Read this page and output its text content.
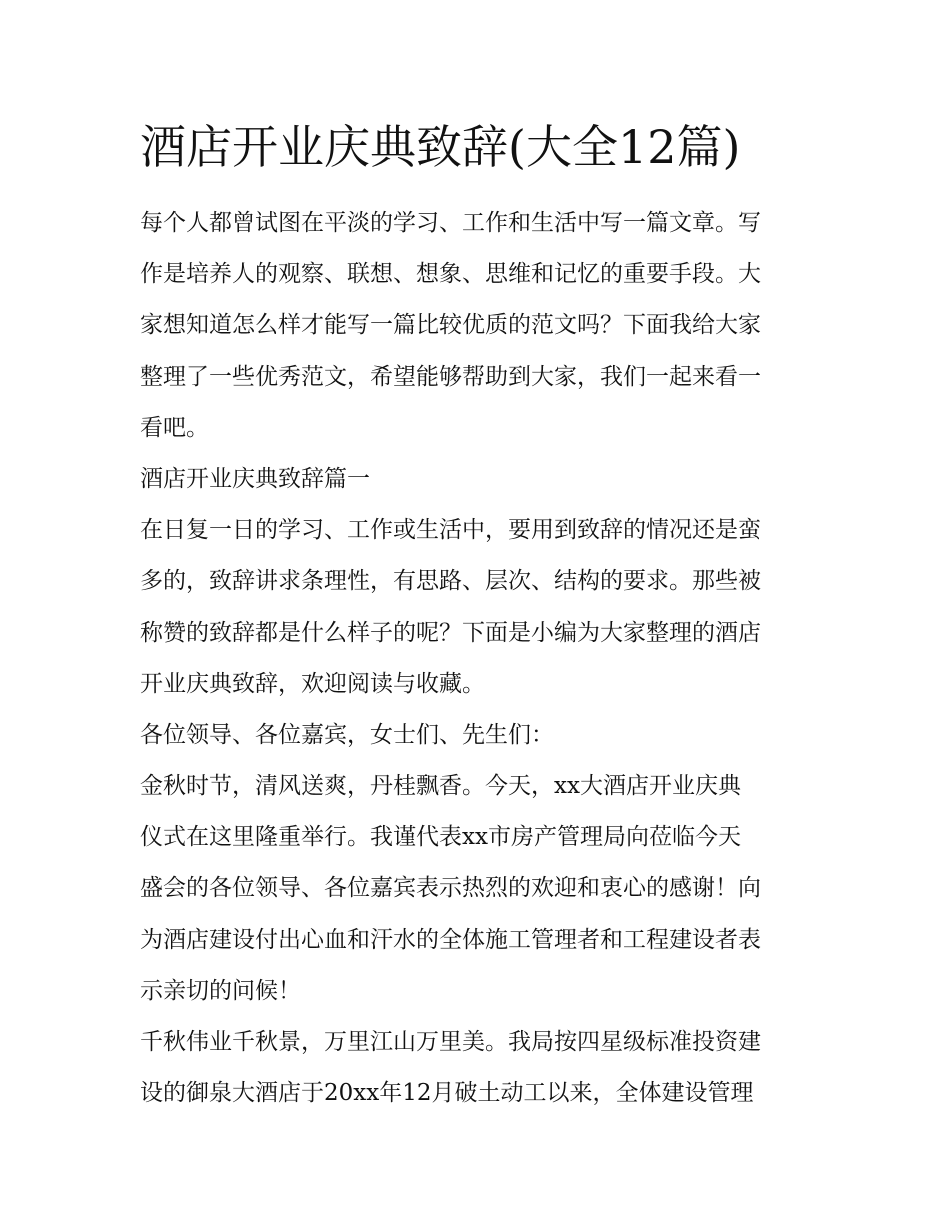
酒店开业庆典致辞(大全12篇)
每个人都曾试图在平淡的学习、工作和生活中写一篇文章。写
作是培养人的观察、联想、想象、思维和记忆的重要手段。大
家想知道怎么样才能写一篇比较优质的范文吗？下面我给大家
整理了一些优秀范文，希望能够帮助到大家，我们一起来看一
看吧。
酒店开业庆典致辞篇一
在日复一日的学习、工作或生活中，要用到致辞的情况还是蛮
多的，致辞讲求条理性，有思路、层次、结构的要求。那些被
称赞的致辞都是什么样子的呢？下面是小编为大家整理的酒店
开业庆典致辞，欢迎阅读与收藏。
各位领导、各位嘉宾，女士们、先生们：
金秋时节，清风送爽，丹桂飘香。今天，xx大酒店开业庆典
仪式在这里隆重举行。我谨代表xx市房产管理局向莅临今天
盛会的各位领导、各位嘉宾表示热烈的欢迎和衷心的感谢！向
为酒店建设付出心血和汗水的全体施工管理者和工程建设者表
示亲切的问候！
千秋伟业千秋景，万里江山万里美。我局按四星级标准投资建
设的御泉大酒店于20xx年12月破土动工以来，全体建设管理
